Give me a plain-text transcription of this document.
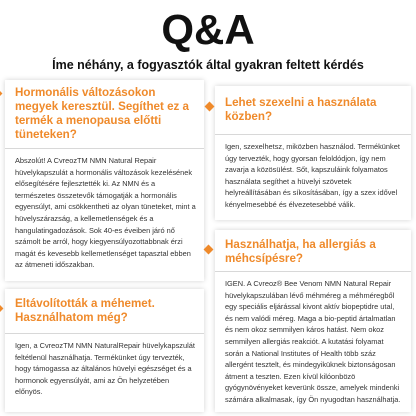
Q&A
Íme néhány, a fogyasztók által gyakran feltett kérdés
Hormonális változásokon megyek keresztül. Segíthet ez a termék a menopausa előtti tüneteken?
Abszolút! A CvreozTM NMN Natural Repair hüvelykapszulát a hormonális változások kezelésének elősegítésére fejlesztették ki. Az NMN és a természetes összetevők támogatják a hormonális egyensúlyt, ami csökkentheti az olyan tüneteket, mint a hüvelyszárazság, a kellemetlenségek és a hangulatingadozások. Sok 40-es éveiben járó nő számolt be arról, hogy kiegyensúlyozottabbnak érzi magát és kevesebb kellemetlenséget tapasztal ebben az átmeneti időszakban.
Lehet szexelni a használata közben?
Igen, szexelhetsz, miközben használod. Termékünket úgy tervezték, hogy gyorsan feloldódjon, így nem zavarja a közösülést. Sőt, kapszuláink folyamatos használata segíthet a hüvelyi szövetek helyreállításában és síkosításában, így a szex idővel kényelmesebbé és élvezetesebbé válik.
Eltávolították a méhemet. Használhatom még?
Igen, a CvreozTM NMN NaturalRepair hüvelykapszulát feltétlenül használhatja. Termékünket úgy tervezték, hogy támogassa az általános hüvelyi egészséget és a hormonok egyensúlyát, ami az Ön helyzetében előnyös.
Használhatja, ha allergiás a méhcsípésre?
IGEN. A Cvreoz® Bee Venom NMN Natural Repair hüvelykapszulában lévő méhméreg a méhméregből egy speciális eljárással kivont aktív biopeptidre utal, és nem valódi méreg. Maga a bio-peptid ártalmatlan és nem okoz semmilyen káros hatást. Nem okoz semmilyen allergiás reakciót. A kutatási folyamat során a National Institutes of Health több száz allergént tesztelt, és mindegyiküknek biztonságosan átment a teszten. Ezen kívül kilóonbözö gyógynövényeket keverünk össze, amelyek mindenki számára alkalmasak, így Ön nyugodtan használhatja.
